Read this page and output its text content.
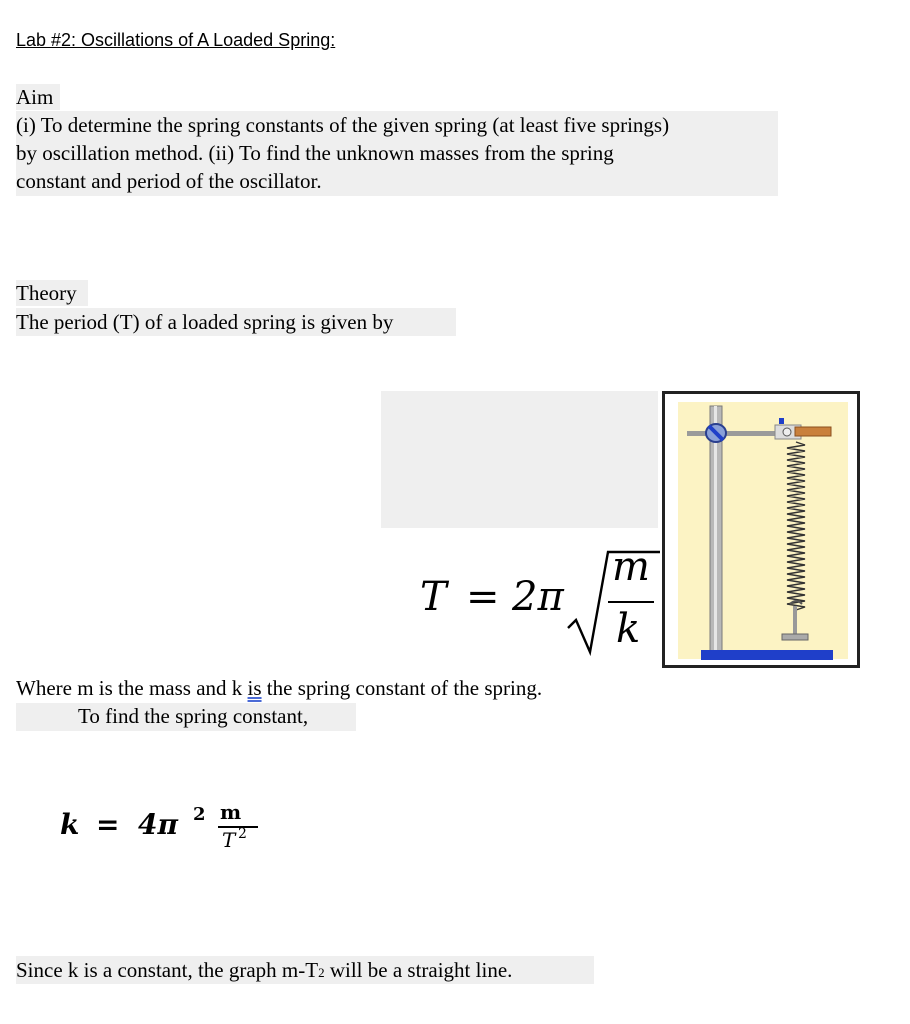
Lab #2: Oscillations of A Loaded Spring:
Aim
(i) To determine the spring constants of the given spring (at least five springs)
by oscillation method. (ii) To find the unknown masses from the spring
constant and period of the oscillator.
Theory
The period (T) of a loaded spring is given by
T = 2π
m
k
Where m is the mass and k is the spring constant of the spring.
To find the spring constant,
k = 4π 2 m
T 2
Since k is a constant, the graph m-T2 will be a straight line.
